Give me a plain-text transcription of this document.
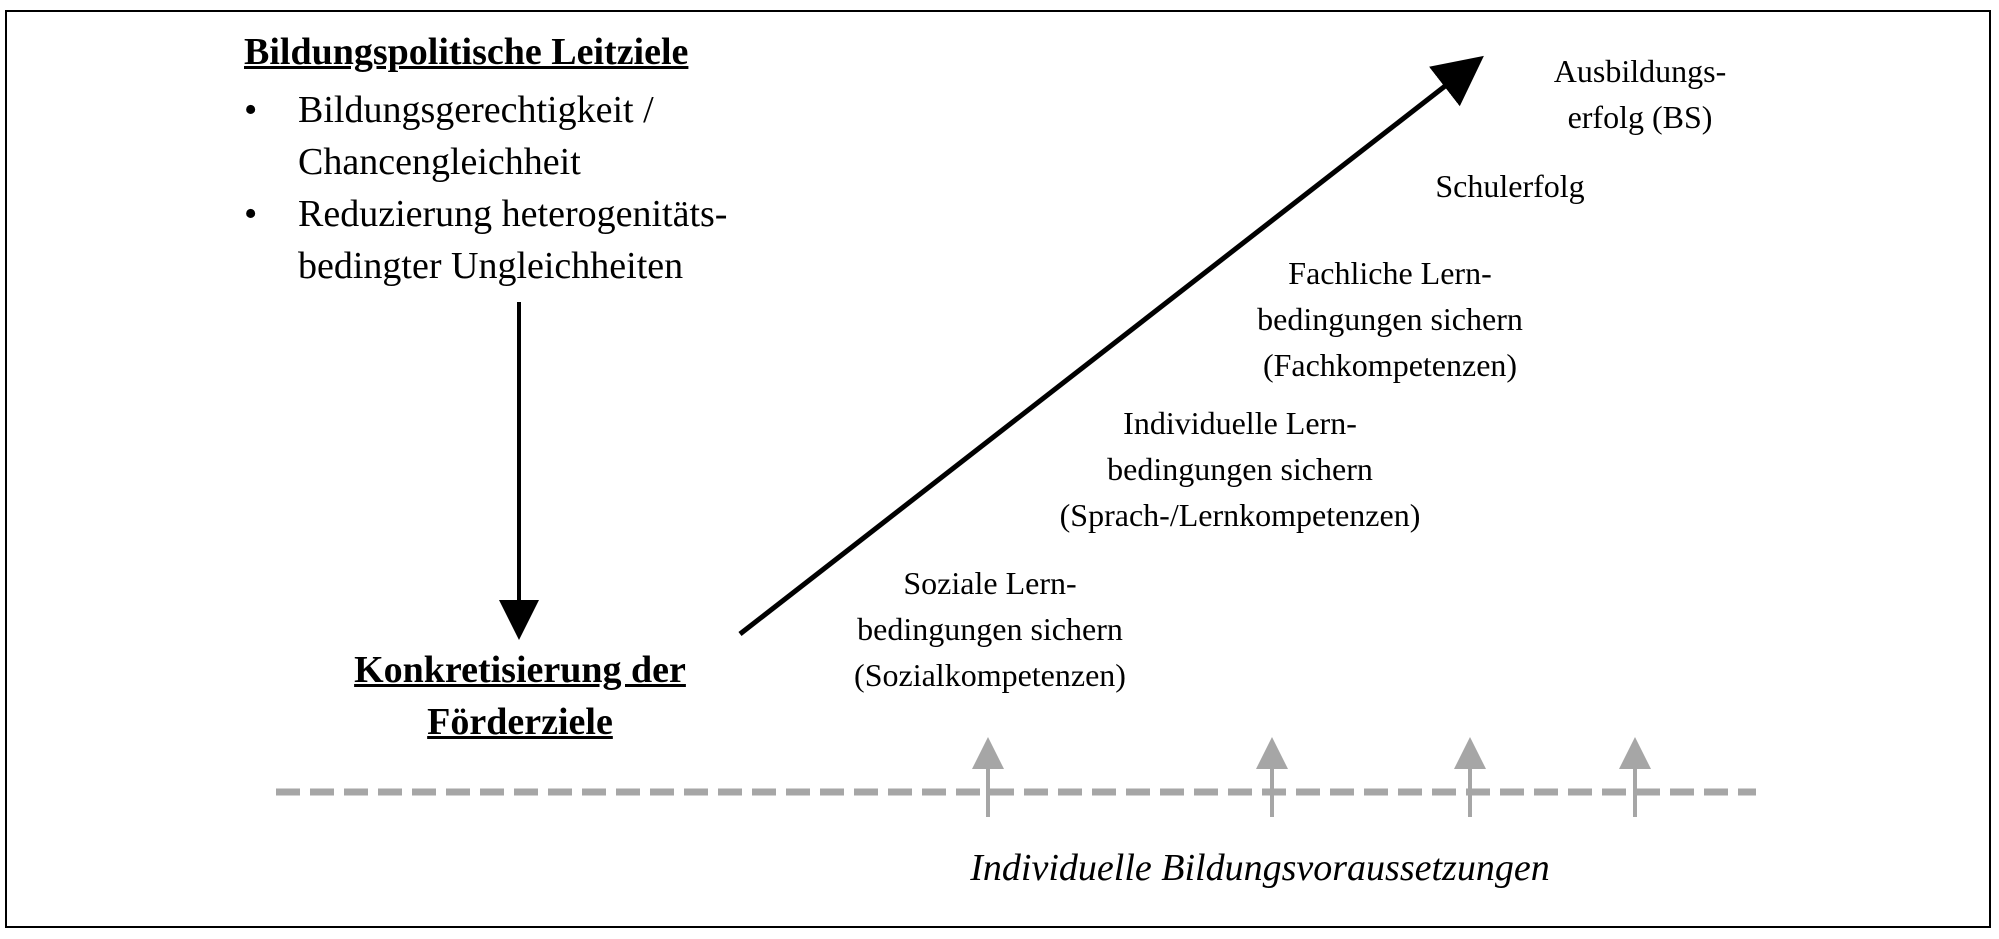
Bildungspolitische Leitziele
• Bildungsgerechtigkeit / Chancengleichheit
• Reduzierung heterogenitäts-bedingter Ungleichheiten
Konkretisierung der
Förderziele
Soziale Lern-
bedingungen sichern
(Sozialkompetenzen)
Individuelle Lern-
bedingungen sichern
(Sprach-/Lernkompetenzen)
Fachliche Lern-
bedingungen sichern
(Fachkompetenzen)
Schulerfolg
Ausbildungs-
erfolg (BS)
Individuelle Bildungsvoraussetzungen
